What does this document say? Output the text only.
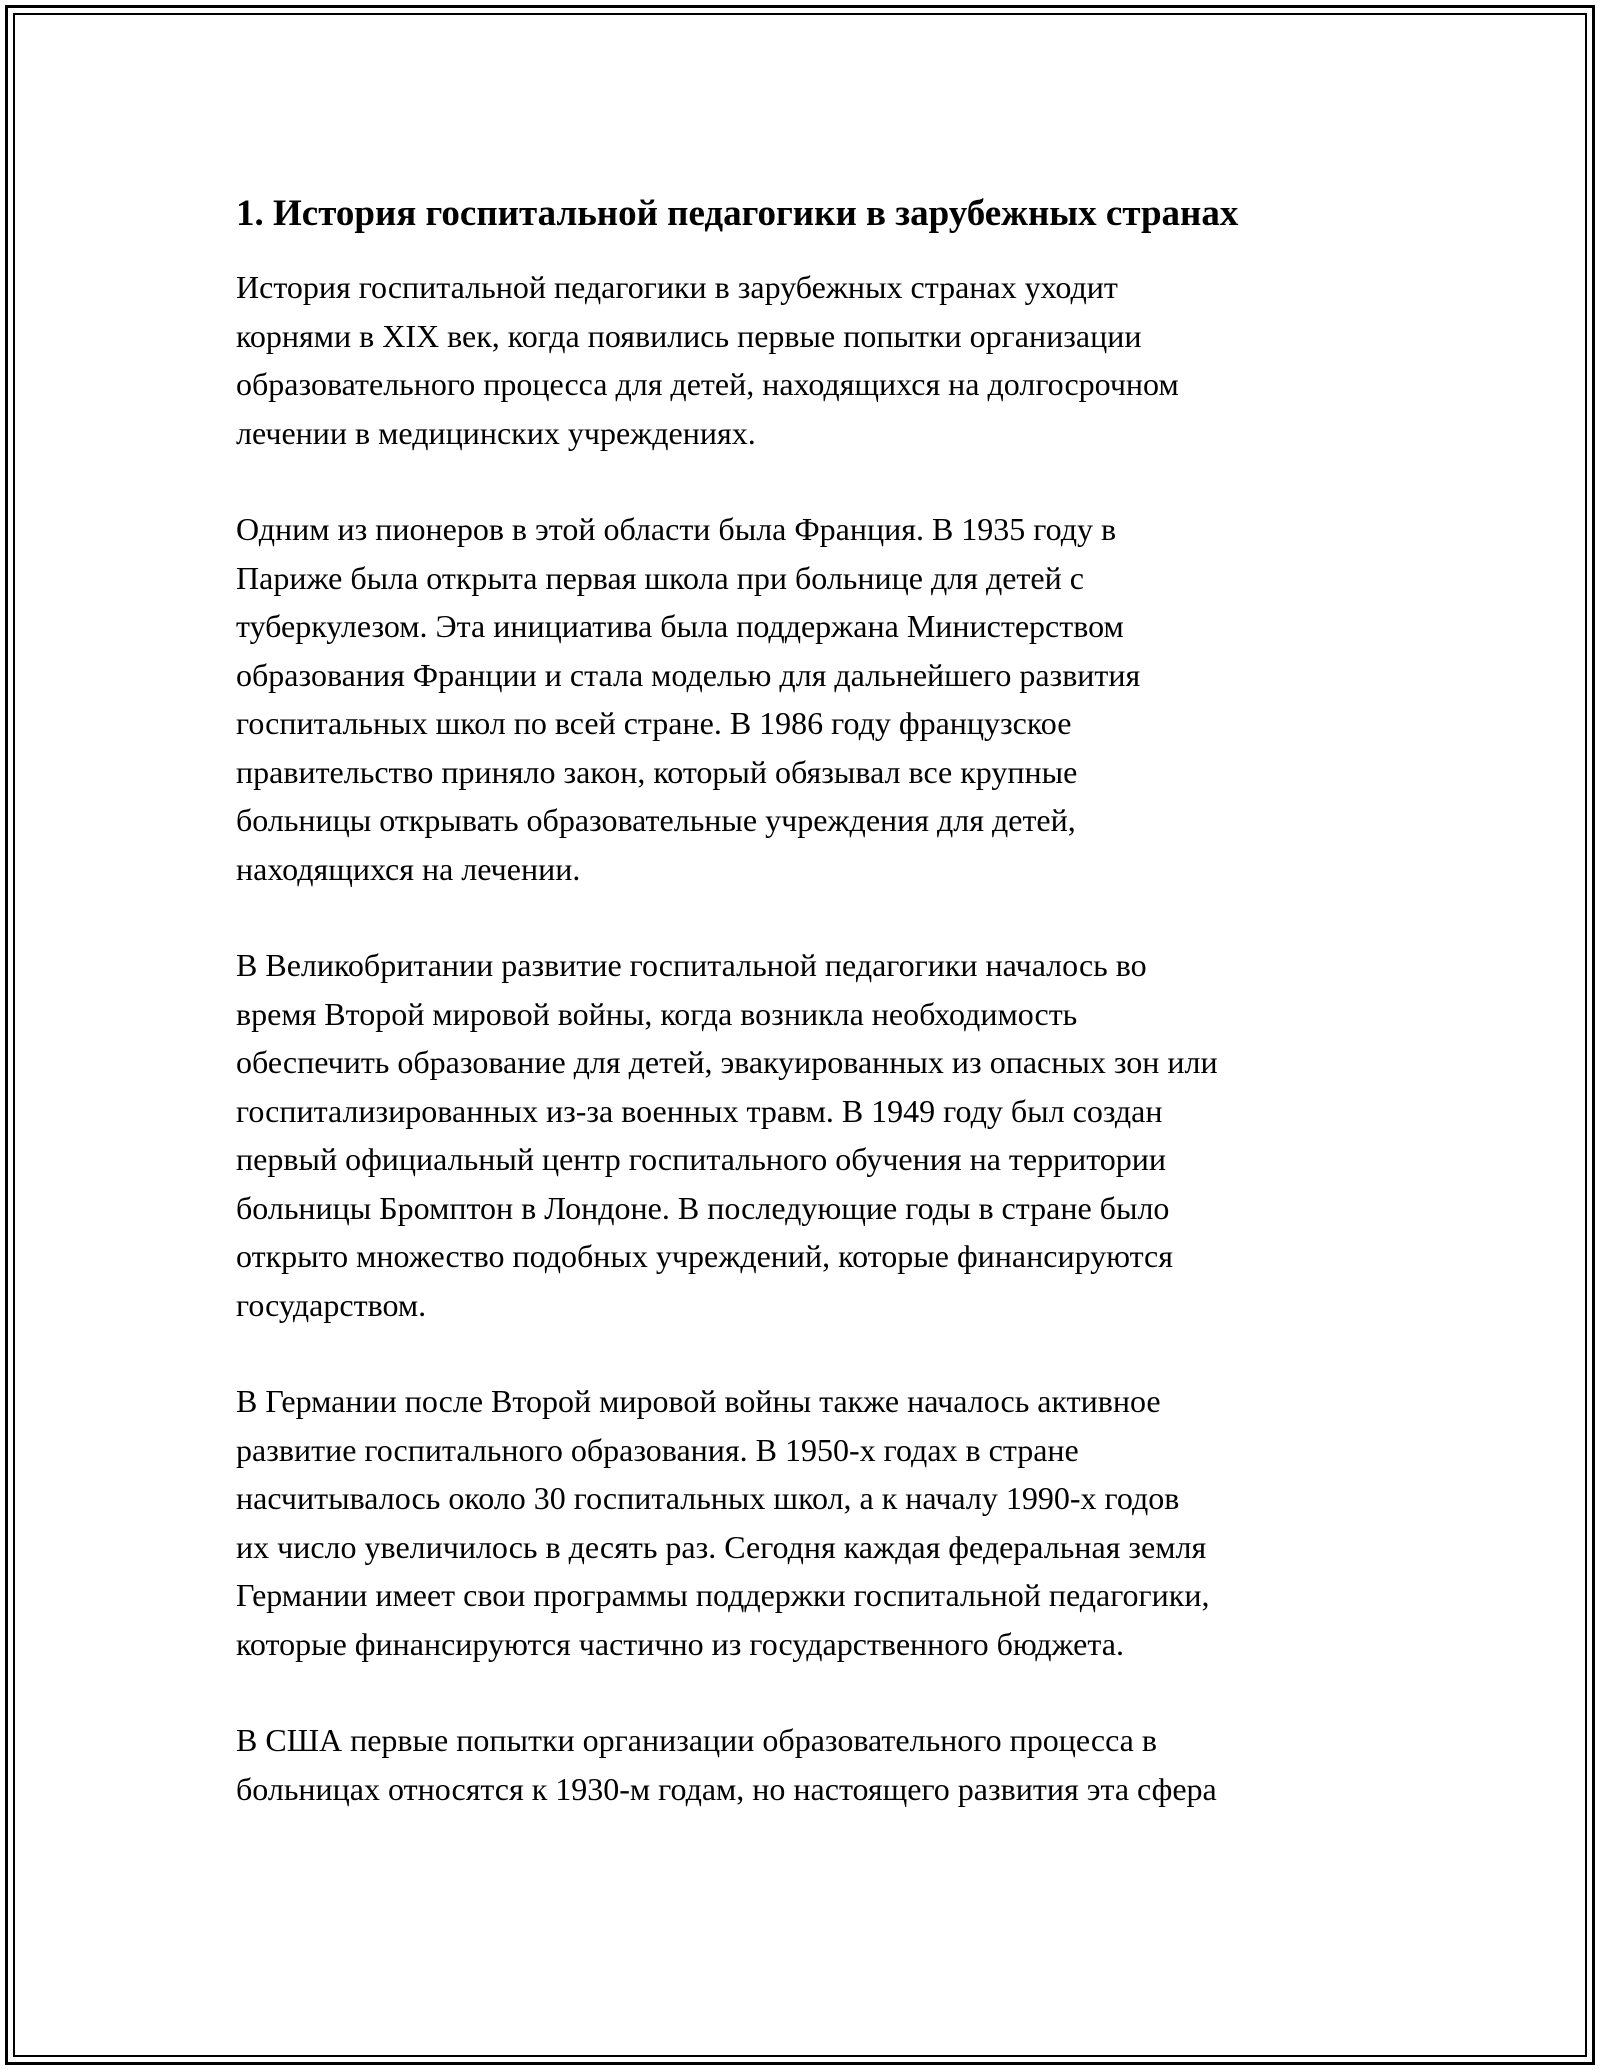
1. История госпитальной педагогики в зарубежных странах

История госпитальной педагогики в зарубежных странах уходит
корнями в XIX век, когда появились первые попытки организации
образовательного процесса для детей, находящихся на долгосрочном
лечении в медицинских учреждениях.

Одним из пионеров в этой области была Франция. В 1935 году в
Париже была открыта первая школа при больнице для детей с
туберкулезом. Эта инициатива была поддержана Министерством
образования Франции и стала моделью для дальнейшего развития
госпитальных школ по всей стране. В 1986 году французское
правительство приняло закон, который обязывал все крупные
больницы открывать образовательные учреждения для детей,
находящихся на лечении.

В Великобритании развитие госпитальной педагогики началось во
время Второй мировой войны, когда возникла необходимость
обеспечить образование для детей, эвакуированных из опасных зон или
госпитализированных из-за военных травм. В 1949 году был создан
первый официальный центр госпитального обучения на территории
больницы Бромптон в Лондоне. В последующие годы в стране было
открыто множество подобных учреждений, которые финансируются
государством.

В Германии после Второй мировой войны также началось активное
развитие госпитального образования. В 1950-х годах в стране
насчитывалось около 30 госпитальных школ, а к началу 1990-х годов
их число увеличилось в десять раз. Сегодня каждая федеральная земля
Германии имеет свои программы поддержки госпитальной педагогики,
которые финансируются частично из государственного бюджета.

В США первые попытки организации образовательного процесса в
больницах относятся к 1930-м годам, но настоящего развития эта сфера
